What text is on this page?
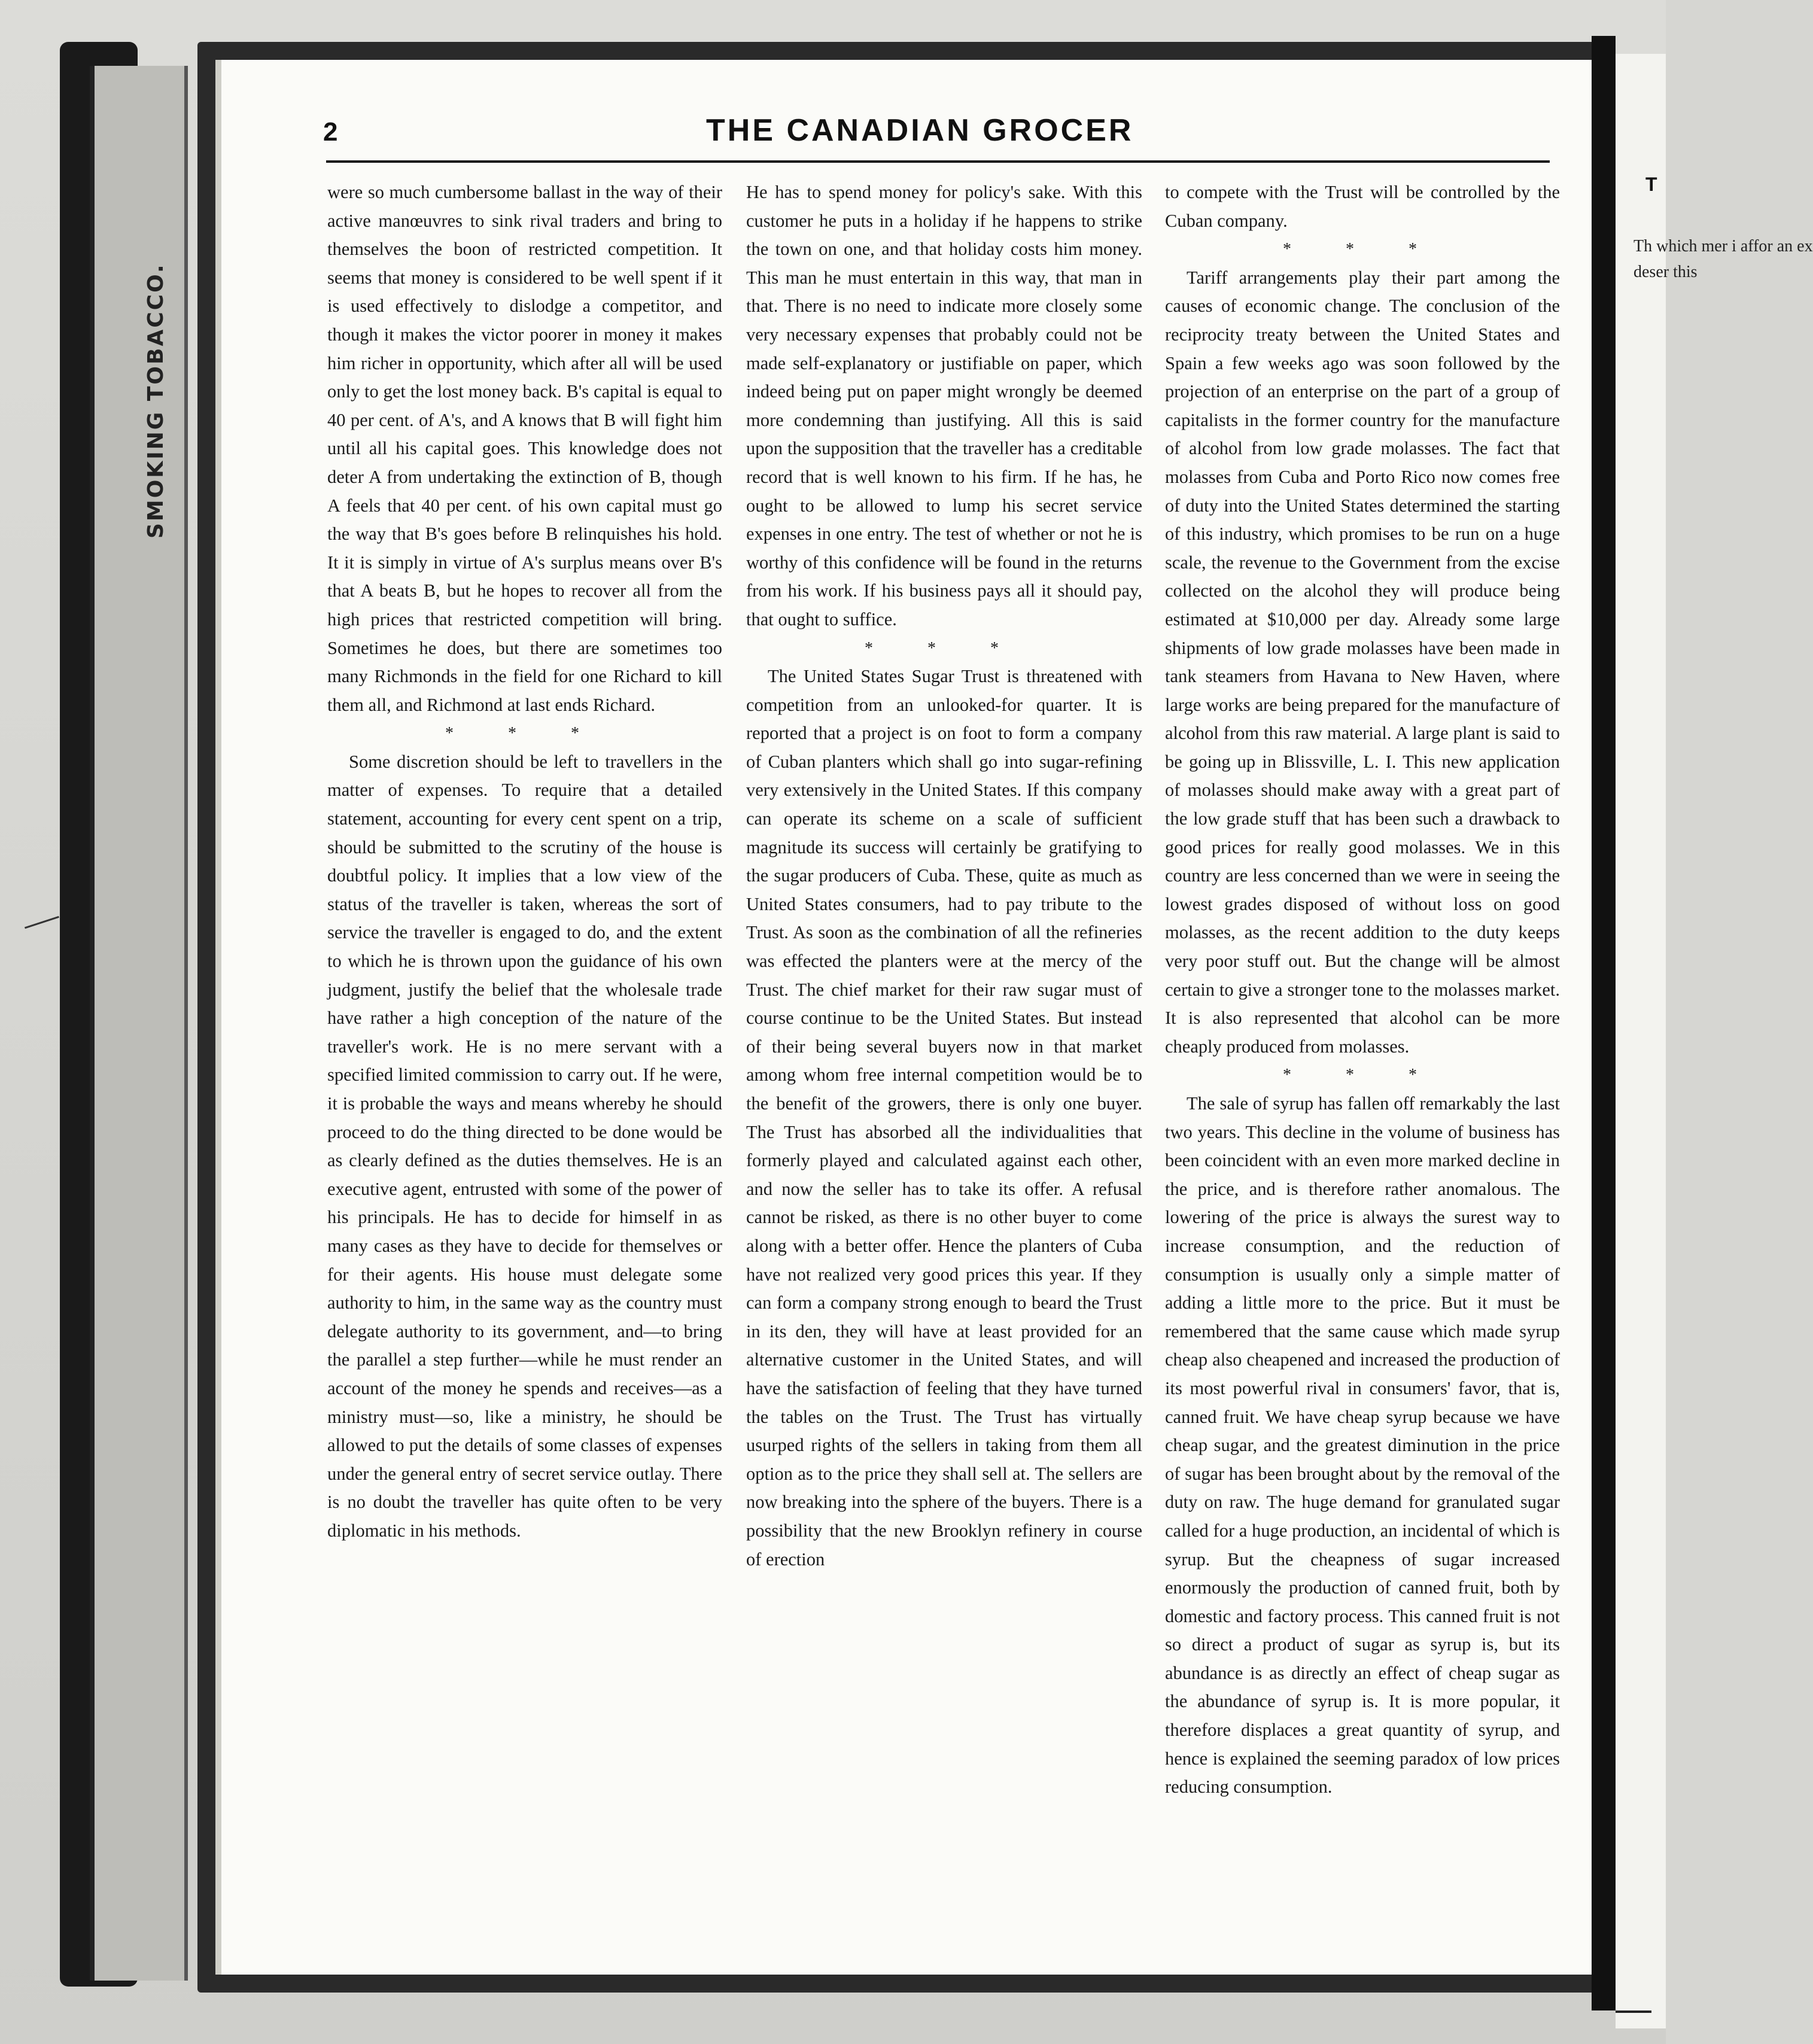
SMOKING TOBACCO.
T
Th which mer i affor an ex deser this
2	THE CANADIAN GROCER

were so much cumbersome ballast in the way of their active manœuvres to sink rival traders and bring to themselves the boon of restricted competition. It seems that money is considered to be well spent if it is used effectively to dislodge a competitor, and though it makes the victor poorer in money it makes him richer in opportunity, which after all will be used only to get the lost money back. B's capital is equal to 40 per cent. of A's, and A knows that B will fight him until all his capital goes. This knowledge does not deter A from undertaking the extinction of B, though A feels that 40 per cent. of his own capital must go the way that B's goes before B relinquishes his hold. It it is simply in virtue of A's surplus means over B's that A beats B, but he hopes to recover all from the high prices that restricted competition will bring. Sometimes he does, but there are sometimes too many Richmonds in the field for one Richard to kill them all, and Richmond at last ends Richard.

* * *

Some discretion should be left to travellers in the matter of expenses. To require that a detailed statement, accounting for every cent spent on a trip, should be submitted to the scrutiny of the house is doubtful policy. It implies that a low view of the status of the traveller is taken, whereas the sort of service the traveller is engaged to do, and the extent to which he is thrown upon the guidance of his own judgment, justify the belief that the wholesale trade have rather a high conception of the nature of the traveller's work. He is no mere servant with a specified limited commission to carry out. If he were, it is probable the ways and means whereby he should proceed to do the thing directed to be done would be as clearly defined as the duties themselves. He is an executive agent, entrusted with some of the power of his principals. He has to decide for himself in as many cases as they have to decide for themselves or for their agents. His house must delegate some authority to him, in the same way as the country must delegate authority to its government, and—to bring the parallel a step further—while he must render an account of the money he spends and receives—as a ministry must—so, like a ministry, he should be allowed to put the details of some classes of expenses under the general entry of secret service outlay. There is no doubt the traveller has quite often to be very diplomatic in his methods.

He has to spend money for policy's sake. With this customer he puts in a holiday if he happens to strike the town on one, and that holiday costs him money. This man he must entertain in this way, that man in that. There is no need to indicate more closely some very necessary expenses that probably could not be made self-explanatory or justifiable on paper, which indeed being put on paper might wrongly be deemed more condemning than justifying. All this is said upon the supposition that the traveller has a creditable record that is well known to his firm. If he has, he ought to be allowed to lump his secret service expenses in one entry. The test of whether or not he is worthy of this confidence will be found in the returns from his work. If his business pays all it should pay, that ought to suffice.

* * *

The United States Sugar Trust is threatened with competition from an unlooked-for quarter. It is reported that a project is on foot to form a company of Cuban planters which shall go into sugar-refining very extensively in the United States. If this company can operate its scheme on a scale of sufficient magnitude its success will certainly be gratifying to the sugar producers of Cuba. These, quite as much as United States consumers, had to pay tribute to the Trust. As soon as the combination of all the refineries was effected the planters were at the mercy of the Trust. The chief market for their raw sugar must of course continue to be the United States. But instead of their being several buyers now in that market among whom free internal competition would be to the benefit of the growers, there is only one buyer. The Trust has absorbed all the individualities that formerly played and calculated against each other, and now the seller has to take its offer. A refusal cannot be risked, as there is no other buyer to come along with a better offer. Hence the planters of Cuba have not realized very good prices this year. If they can form a company strong enough to beard the Trust in its den, they will have at least provided for an alternative customer in the United States, and will have the satisfaction of feeling that they have turned the tables on the Trust. The Trust has virtually usurped rights of the sellers in taking from them all option as to the price they shall sell at. The sellers are now breaking into the sphere of the buyers. There is a possibility that the new Brooklyn refinery in course of erection

to compete with the Trust will be controlled by the Cuban company.

* * *

Tariff arrangements play their part among the causes of economic change. The conclusion of the reciprocity treaty between the United States and Spain a few weeks ago was soon followed by the projection of an enterprise on the part of a group of capitalists in the former country for the manufacture of alcohol from low grade molasses. The fact that molasses from Cuba and Porto Rico now comes free of duty into the United States determined the starting of this industry, which promises to be run on a huge scale, the revenue to the Government from the excise collected on the alcohol they will produce being estimated at $10,000 per day. Already some large shipments of low grade molasses have been made in tank steamers from Havana to New Haven, where large works are being prepared for the manufacture of alcohol from this raw material. A large plant is said to be going up in Blissville, L. I. This new application of molasses should make away with a great part of the low grade stuff that has been such a drawback to good prices for really good molasses. We in this country are less concerned than we were in seeing the lowest grades disposed of without loss on good molasses, as the recent addition to the duty keeps very poor stuff out. But the change will be almost certain to give a stronger tone to the molasses market. It is also represented that alcohol can be more cheaply produced from molasses.

* * *

The sale of syrup has fallen off remarkably the last two years. This decline in the volume of business has been coincident with an even more marked decline in the price, and is therefore rather anomalous. The lowering of the price is always the surest way to increase consumption, and the reduction of consumption is usually only a simple matter of adding a little more to the price. But it must be remembered that the same cause which made syrup cheap also cheapened and increased the production of its most powerful rival in consumers' favor, that is, canned fruit. We have cheap syrup because we have cheap sugar, and the greatest diminution in the price of sugar has been brought about by the removal of the duty on raw. The huge demand for granulated sugar called for a huge production, an incidental of which is syrup. But the cheapness of sugar increased enormously the production of canned fruit, both by domestic and factory process. This canned fruit is not so direct a product of sugar as syrup is, but its abundance is as directly an effect of cheap sugar as the abundance of syrup is. It is more popular, it therefore displaces a great quantity of syrup, and hence is explained the seeming paradox of low prices reducing consumption.
